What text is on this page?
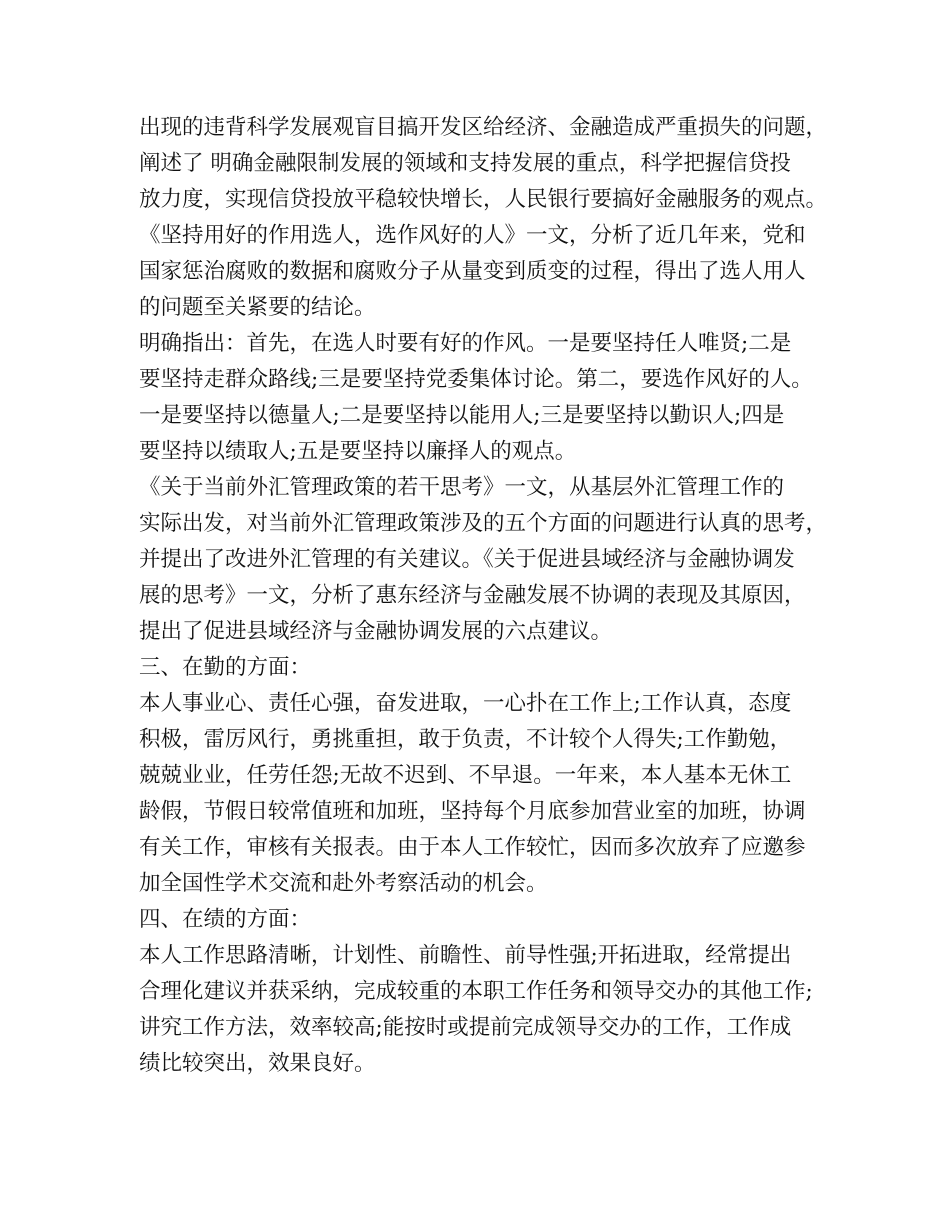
出现的违背科学发展观盲目搞开发区给经济、金融造成严重损失的问题，
阐述了 明确金融限制发展的领域和支持发展的重点，科学把握信贷投
放力度，实现信贷投放平稳较快增长，人民银行要搞好金融服务的观点。
《坚持用好的作用选人，选作风好的人》一文，分析了近几年来，党和
国家惩治腐败的数据和腐败分子从量变到质变的过程，得出了选人用人
的问题至关紧要的结论。
明确指出：首先，在选人时要有好的作风。一是要坚持任人唯贤;二是
要坚持走群众路线;三是要坚持党委集体讨论。第二，要选作风好的人。
一是要坚持以德量人;二是要坚持以能用人;三是要坚持以勤识人;四是
要坚持以绩取人;五是要坚持以廉择人的观点。
《关于当前外汇管理政策的若干思考》一文，从基层外汇管理工作的
实际出发，对当前外汇管理政策涉及的五个方面的问题进行认真的思考，
并提出了改进外汇管理的有关建议。《关于促进县域经济与金融协调发
展的思考》一文，分析了惠东经济与金融发展不协调的表现及其原因，
提出了促进县域经济与金融协调发展的六点建议。
三、在勤的方面：
本人事业心、责任心强，奋发进取，一心扑在工作上;工作认真，态度
积极，雷厉风行，勇挑重担，敢于负责，不计较个人得失;工作勤勉，
兢兢业业，任劳任怨;无故不迟到、不早退。一年来，本人基本无休工
龄假，节假日较常值班和加班，坚持每个月底参加营业室的加班，协调
有关工作，审核有关报表。由于本人工作较忙，因而多次放弃了应邀参
加全国性学术交流和赴外考察活动的机会。
四、在绩的方面：
本人工作思路清晰，计划性、前瞻性、前导性强;开拓进取，经常提出
合理化建议并获采纳，完成较重的本职工作任务和领导交办的其他工作;
讲究工作方法，效率较高;能按时或提前完成领导交办的工作，工作成
绩比较突出，效果良好。
